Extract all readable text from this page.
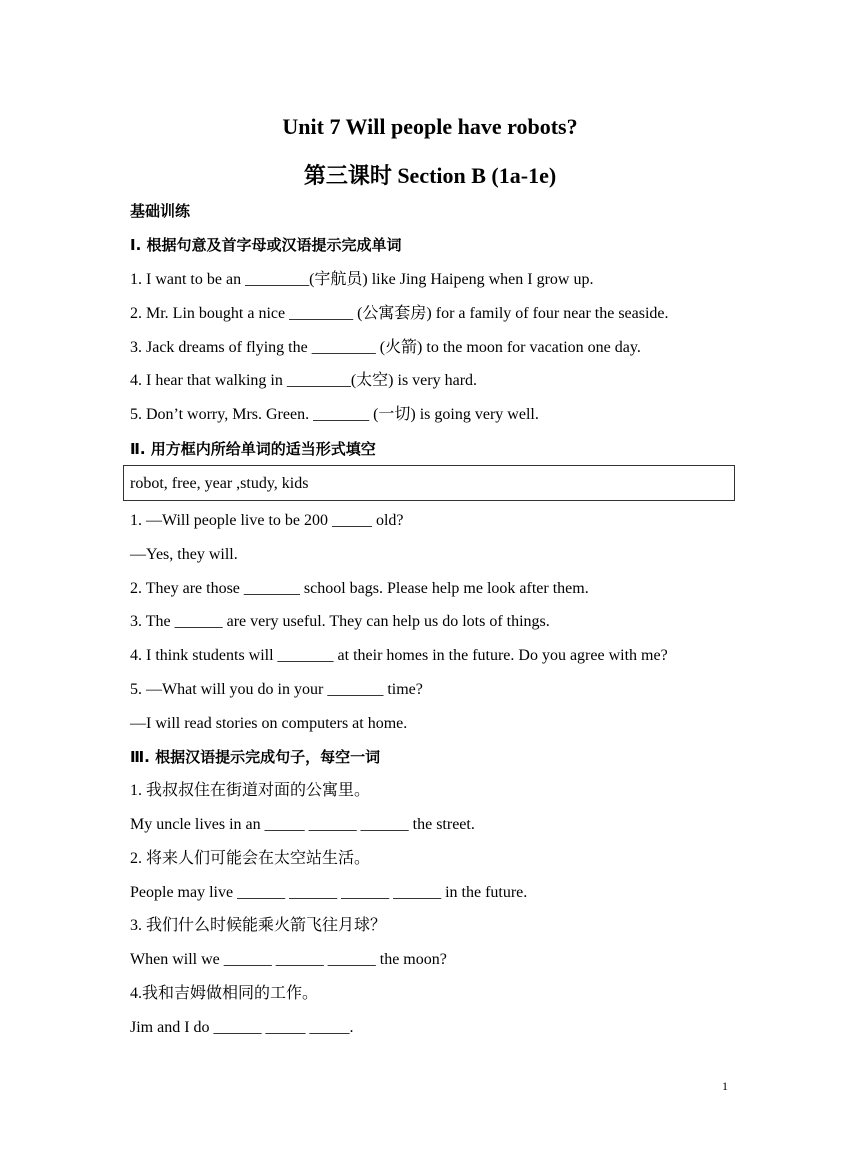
Unit 7 Will people have robots?
第三课时 Section B (1a-1e)
基础训练
Ⅰ. 根据句意及首字母或汉语提示完成单词
1. I want to be an ________(宇航员) like Jing Haipeng when I grow up.
2. Mr. Lin bought a nice ________ (公寓套房) for a family of four near the seaside.
3. Jack dreams of flying the ________ (火箭) to the moon for vacation one day.
4. I hear that walking in ________(太空) is very hard.
5. Don’t worry, Mrs. Green. _______ (一切) is going very well.
Ⅱ. 用方框内所给单词的适当形式填空
robot, free, year ,study, kids
1. —Will people live to be 200 _____ old?
—Yes, they will.
2. They are those _______ school bags. Please help me look after them.
3. The ______ are very useful. They can help us do lots of things.
4. I think students will _______ at their homes in the future. Do you agree with me?
5. —What will you do in your _______ time?
—I will read stories on computers at home.
Ⅲ. 根据汉语提示完成句子，每空一词
1. 我叔叔住在街道对面的公寓里。
My uncle lives in an _____ ______ ______ the street.
2. 将来人们可能会在太空站生活。
People may live ______ ______ ______ ______ in the future.
3. 我们什么时候能乘火箭飞往月球？
When will we ______ ______ ______ the moon?
4.我和吉姆做相同的工作。
Jim and I do ______ _____ _____.
1
